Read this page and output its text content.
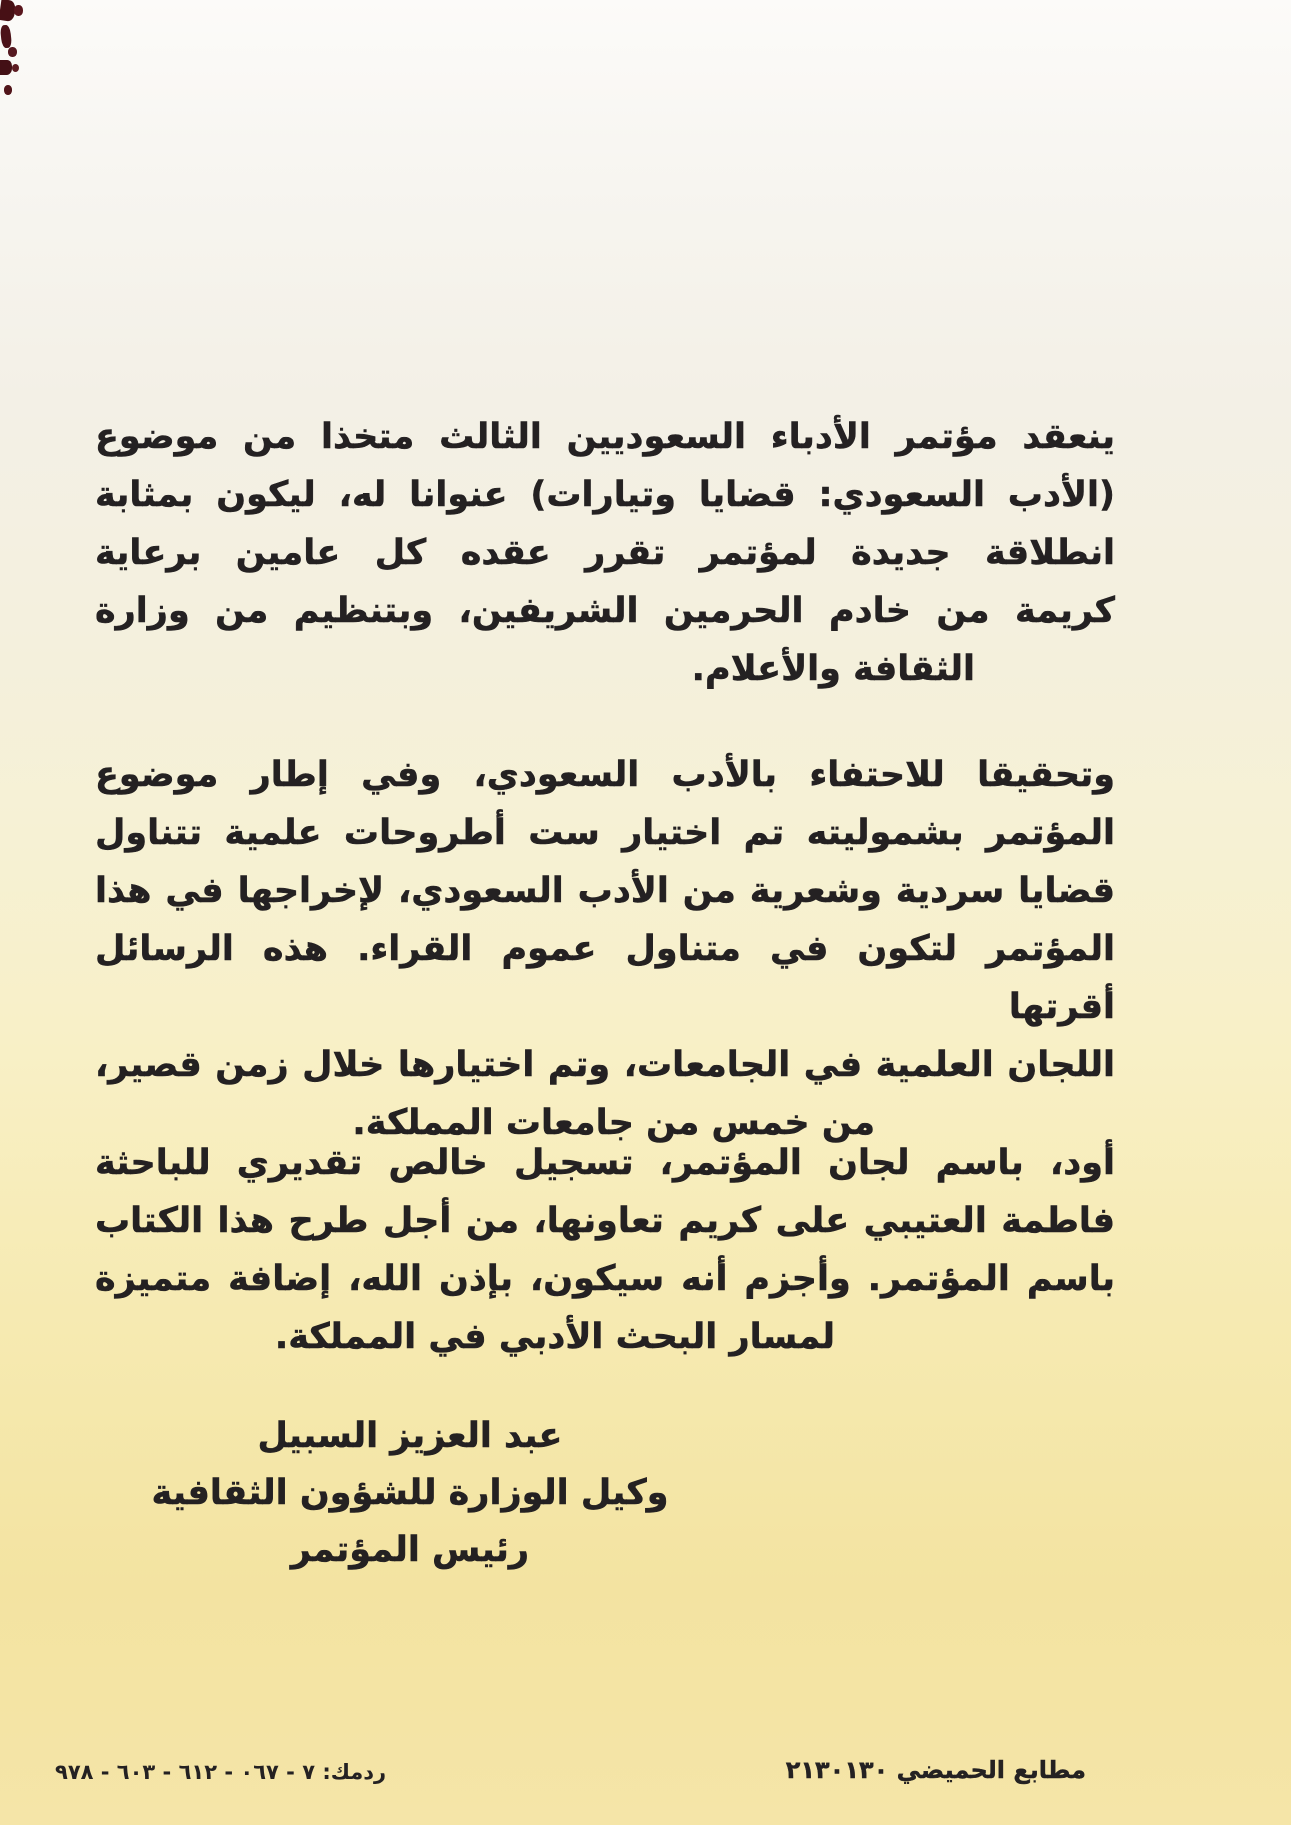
ينعقد مؤتمر الأدباء السعوديين الثالث متخذا من موضوع
(الأدب السعودي: قضايا وتيارات) عنوانا له، ليكون بمثابة
انطلاقة جديدة لمؤتمر تقرر عقده كل عامين برعاية
كريمة من خادم الحرمين الشريفين، وبتنظيم من وزارة
الثقافة والأعلام.
وتحقيقا للاحتفاء بالأدب السعودي، وفي إطار موضوع
المؤتمر بشموليته تم اختيار ست أطروحات علمية تتناول
قضايا سردية وشعرية من الأدب السعودي، لإخراجها في هذا
المؤتمر لتكون في متناول عموم القراء. هذه الرسائل أقرتها
اللجان العلمية في الجامعات، وتم اختيارها خلال زمن قصير،
من خمس من جامعات المملكة.
أود، باسم لجان المؤتمر، تسجيل خالص تقديري للباحثة
فاطمة العتيبي على كريم تعاونها، من أجل طرح هذا الكتاب
باسم المؤتمر. وأجزم أنه سيكون، بإذن الله، إضافة متميزة
لمسار البحث الأدبي في المملكة.
عبد العزيز السبيل
وكيل الوزارة للشؤون الثقافية
رئيس المؤتمر
ردمك: ٧ - ٠٦٧ - ٦١٢ - ٦٠٣ - ٩٧٨	مطابع الحميضي ٢١٣٠١٣٠
